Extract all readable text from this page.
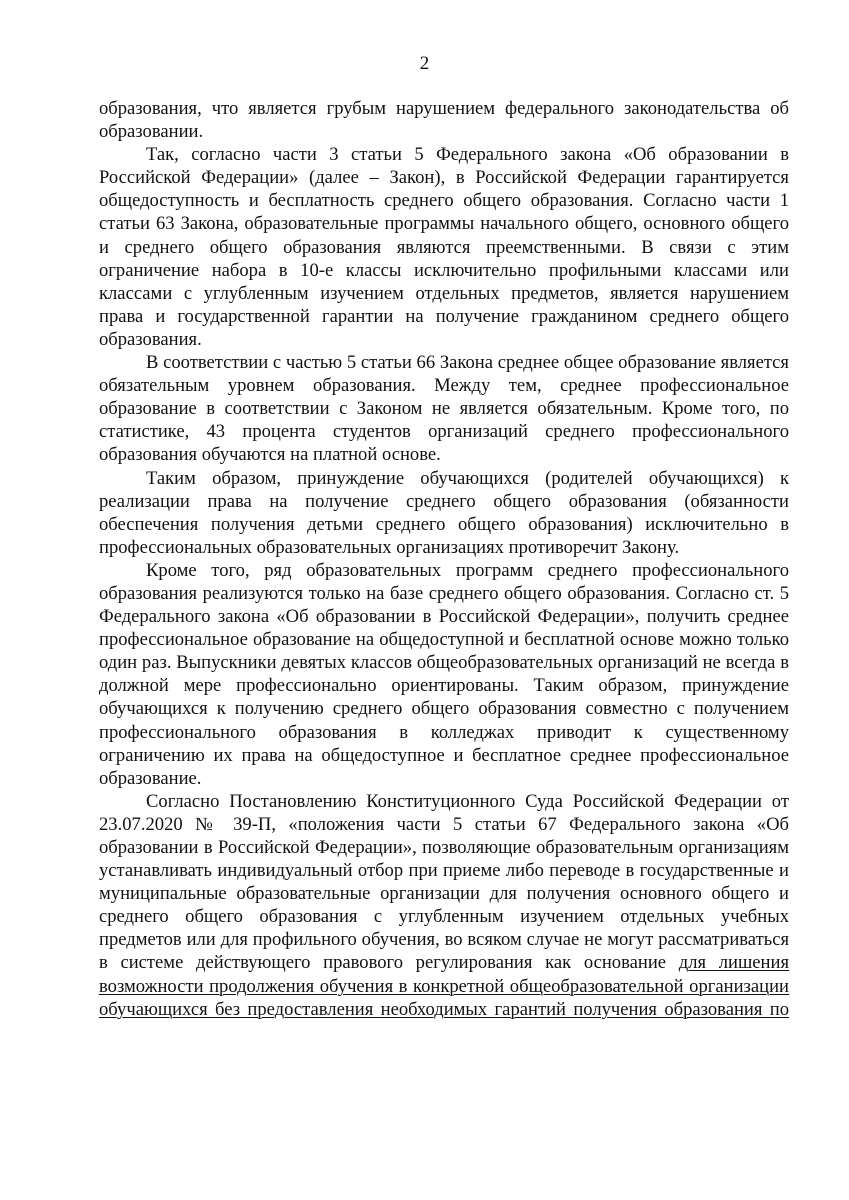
2

образования, что является грубым нарушением федерального законодательства об образовании.

Так, согласно части 3 статьи 5 Федерального закона «Об образовании в Российской Федерации» (далее – Закон), в Российской Федерации гарантируется общедоступность и бесплатность среднего общего образования. Согласно части 1 статьи 63 Закона, образовательные программы начального общего, основного общего и среднего общего образования являются преемственными. В связи с этим ограничение набора в 10-е классы исключительно профильными классами или классами с углубленным изучением отдельных предметов, является нарушением права и государственной гарантии на получение гражданином среднего общего образования.

В соответствии с частью 5 статьи 66 Закона среднее общее образование является обязательным уровнем образования. Между тем, среднее профессиональное образование в соответствии с Законом не является обязательным. Кроме того, по статистике, 43 процента студентов организаций среднего профессионального образования обучаются на платной основе.

Таким образом, принуждение обучающихся (родителей обучающихся) к реализации права на получение среднего общего образования (обязанности обеспечения получения детьми среднего общего образования) исключительно в профессиональных образовательных организациях противоречит Закону.

Кроме того, ряд образовательных программ среднего профессионального образования реализуются только на базе среднего общего образования. Согласно ст. 5 Федерального закона «Об образовании в Российской Федерации», получить среднее профессиональное образование на общедоступной и бесплатной основе можно только один раз. Выпускники девятых классов общеобразовательных организаций не всегда в должной мере профессионально ориентированы. Таким образом, принуждение обучающихся к получению среднего общего образования совместно с получением профессионального образования в колледжах приводит к существенному ограничению их права на общедоступное и бесплатное среднее профессиональное образование.

Согласно Постановлению Конституционного Суда Российской Федерации от 23.07.2020 № 39-П, «положения части 5 статьи 67 Федерального закона «Об образовании в Российской Федерации», позволяющие образовательным организациям устанавливать индивидуальный отбор при приеме либо переводе в государственные и муниципальные образовательные организации для получения основного общего и среднего общего образования с углубленным изучением отдельных учебных предметов или для профильного обучения, во всяком случае не могут рассматриваться в системе действующего правового регулирования как основание для лишения возможности продолжения обучения в конкретной общеобразовательной организации обучающихся без предоставления необходимых гарантий получения образования по
